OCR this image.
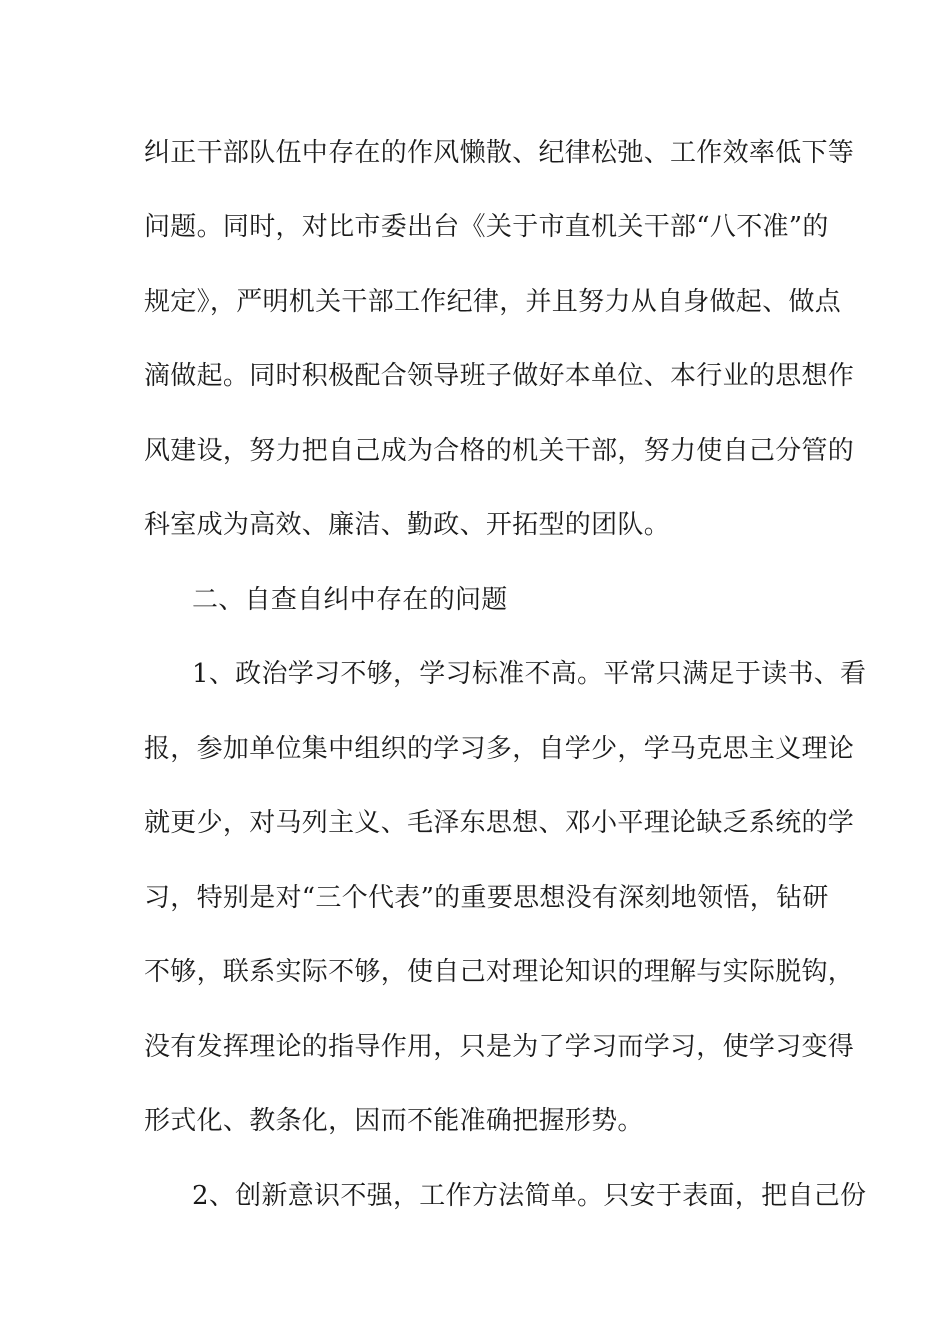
纠正干部队伍中存在的作风懒散、纪律松弛、工作效率低下等
问题。同时，对比市委出台《关于市直机关干部“八不准”的
规定》，严明机关干部工作纪律，并且努力从自身做起、做点
滴做起。同时积极配合领导班子做好本单位、本行业的思想作
风建设，努力把自己成为合格的机关干部，努力使自己分管的
科室成为高效、廉洁、勤政、开拓型的团队。
二、自查自纠中存在的问题
1、政治学习不够，学习标准不高。平常只满足于读书、看
报，参加单位集中组织的学习多，自学少，学马克思主义理论
就更少，对马列主义、毛泽东思想、邓小平理论缺乏系统的学
习，特别是对“三个代表”的重要思想没有深刻地领悟，钻研
不够，联系实际不够，使自己对理论知识的理解与实际脱钩，
没有发挥理论的指导作用，只是为了学习而学习，使学习变得
形式化、教条化，因而不能准确把握形势。
2、创新意识不强，工作方法简单。只安于表面，把自己份
